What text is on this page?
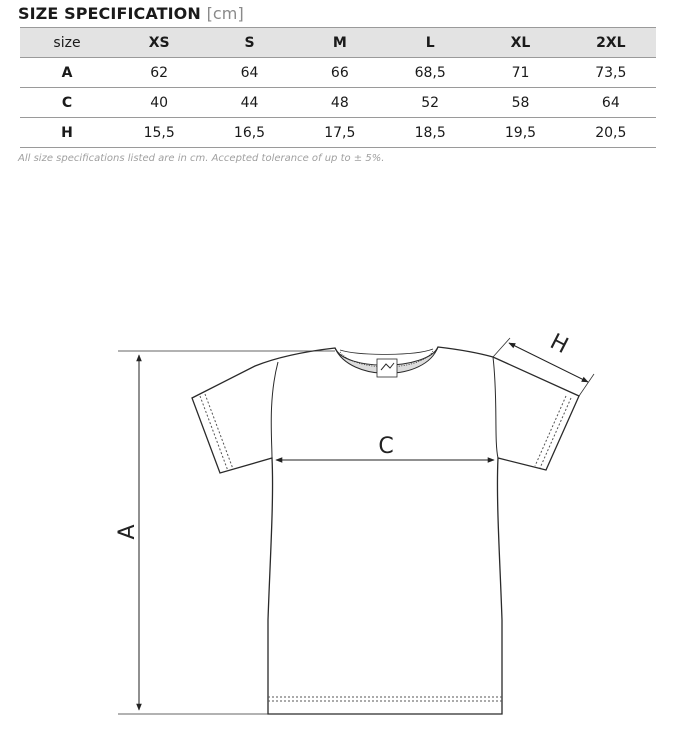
SIZE SPECIFICATION [cm]
size	XS	S	M	L	XL	2XL
A	62	64	66	68,5	71	73,5
C	40	44	48	52	58	64
H	15,5	16,5	17,5	18,5	19,5	20,5
All size specifications listed are in cm. Accepted tolerance of up to ± 5%.
A
C
H
